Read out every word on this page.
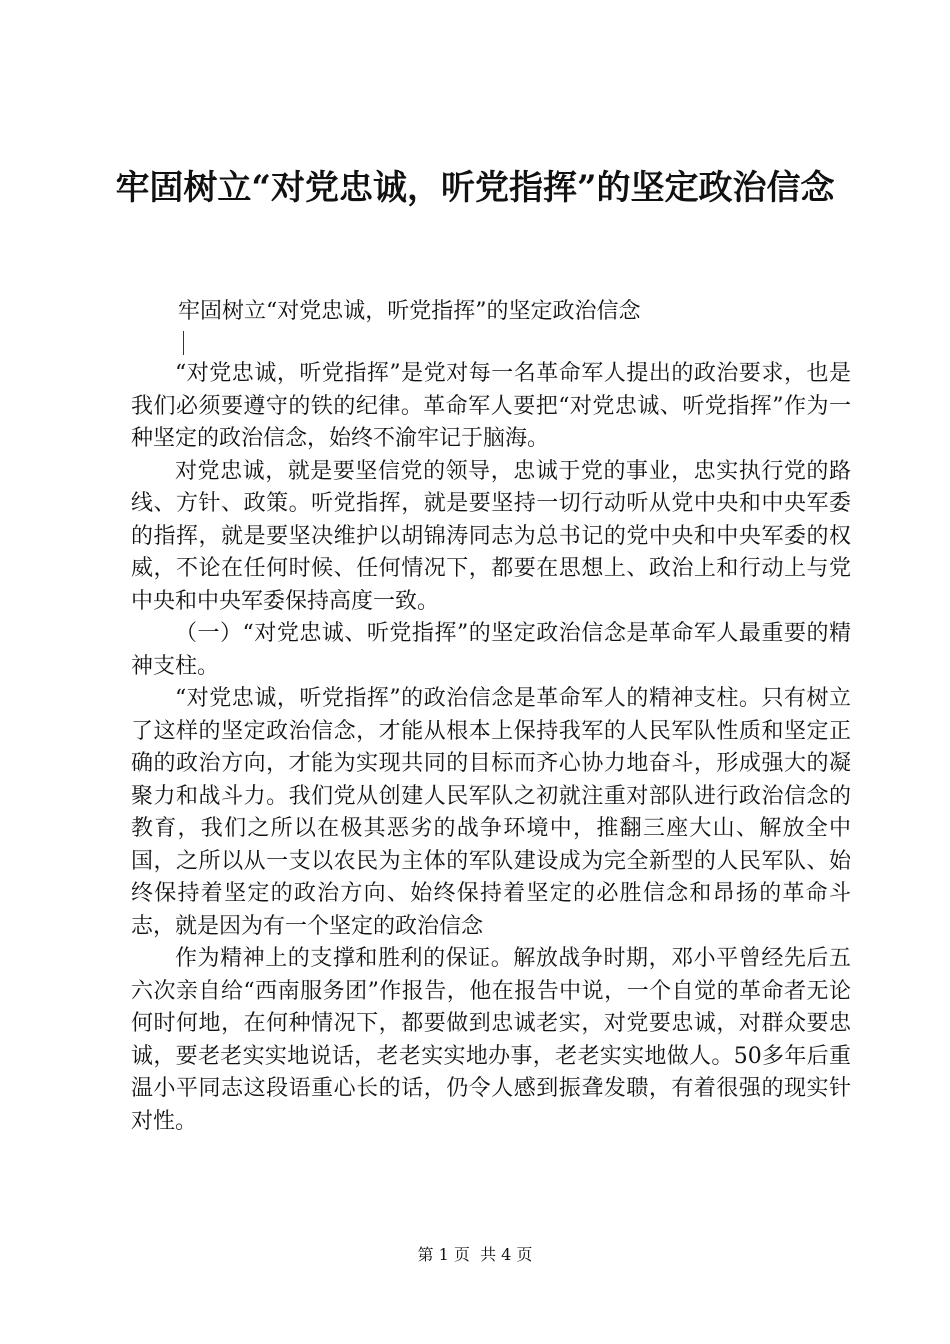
牢固树立“对党忠诚，听党指挥”的坚定政治信念
牢固树立“对党忠诚，听党指挥”的坚定政治信念

“对党忠诚，听党指挥”是党对每一名革命军人提出的政治要求，也是我们必须要遵守的铁的纪律。革命军人要把“对党忠诚、听党指挥”作为一种坚定的政治信念，始终不渝牢记于脑海。

对党忠诚，就是要坚信党的领导，忠诚于党的事业，忠实执行党的路线、方针、政策。听党指挥，就是要坚持一切行动听从党中央和中央军委的指挥，就是要坚决维护以胡锦涛同志为总书记的党中央和中央军委的权威，不论在任何时候、任何情况下，都要在思想上、政治上和行动上与党中央和中央军委保持高度一致。

（一）“对党忠诚、听党指挥”的坚定政治信念是革命军人最重要的精神支柱。

“对党忠诚，听党指挥”的政治信念是革命军人的精神支柱。只有树立了这样的坚定政治信念，才能从根本上保持我军的人民军队性质和坚定正确的政治方向，才能为实现共同的目标而齐心协力地奋斗，形成强大的凝聚力和战斗力。我们党从创建人民军队之初就注重对部队进行政治信念的教育，我们之所以在极其恶劣的战争环境中，推翻三座大山、解放全中国，之所以从一支以农民为主体的军队建设成为完全新型的人民军队、始终保持着坚定的政治方向、始终保持着坚定的必胜信念和昂扬的革命斗志，就是因为有一个坚定的政治信念

作为精神上的支撑和胜利的保证。解放战争时期，邓小平曾经先后五六次亲自给“西南服务团”作报告，他在报告中说，一个自觉的革命者无论何时何地，在何种情况下，都要做到忠诚老实，对党要忠诚，对群众要忠诚，要老老实实地说话，老老实实地办事，老老实实地做人。50多年后重温小平同志这段语重心长的话，仍令人感到振聋发聩，有着很强的现实针对性。

第 1 页  共 4 页
